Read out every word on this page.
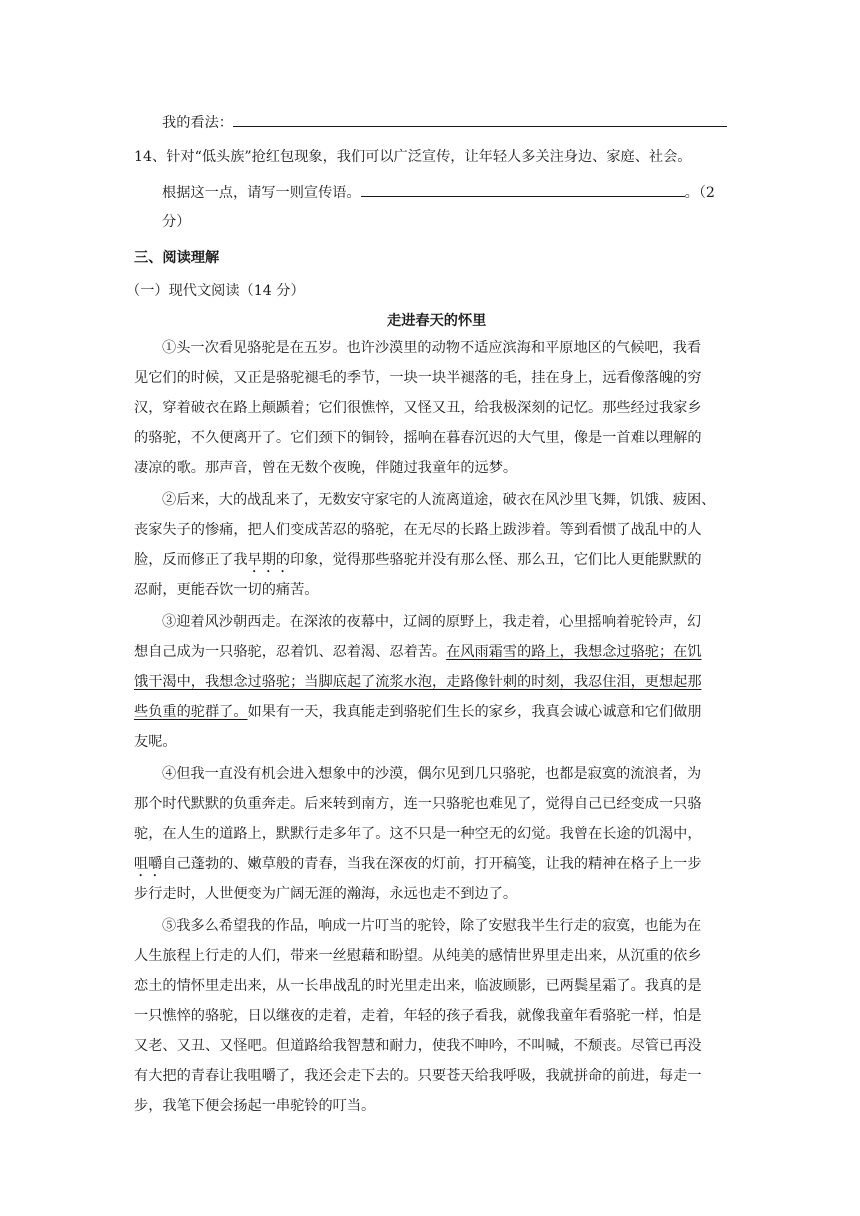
我的看法：
14、针对“低头族”抢红包现象，我们可以广泛宣传，让年轻人多关注身边、家庭、社会。
根据这一点，请写一则宣传语。	。（2
分）
三、阅读理解
（一）现代文阅读（14 分）
走进春天的怀里
①头一次看见骆驼是在五岁。也许沙漠里的动物不适应滨海和平原地区的气候吧，我看
见它们的时候，又正是骆驼褪毛的季节，一块一块半褪落的毛，挂在身上，远看像落魄的穷
汉，穿着破衣在路上颠踬着；它们很憔悴，又怪又丑，给我极深刻的记忆。那些经过我家乡
的骆驼，不久便离开了。它们颈下的铜铃，摇响在暮春沉迟的大气里，像是一首难以理解的
凄凉的歌。那声音，曾在无数个夜晚，伴随过我童年的远梦。
②后来，大的战乱来了，无数安守家宅的人流离道途，破衣在风沙里飞舞，饥饿、疲困、
丧家失子的惨痛，把人们变成苦忍的骆驼，在无尽的长路上跋涉着。等到看惯了战乱中的人
脸，反而修正了我早期的印象，觉得那些骆驼并没有那么怪、那么丑，它们比人更能默默的
忍耐，更能吞饮一切的痛苦。
③迎着风沙朝西走。在深浓的夜幕中，辽阔的原野上，我走着，心里摇响着驼铃声，幻
想自己成为一只骆驼，忍着饥、忍着渴、忍着苦。在风雨霜雪的路上，我想念过骆驼；在饥
饿干渴中，我想念过骆驼；当脚底起了流浆水泡，走路像针刺的时刻，我忍住泪，更想起那
些负重的驼群了。如果有一天，我真能走到骆驼们生长的家乡，我真会诚心诚意和它们做朋
友呢。
④但我一直没有机会进入想象中的沙漠，偶尔见到几只骆驼，也都是寂寞的流浪者，为
那个时代默默的负重奔走。后来转到南方，连一只骆驼也难见了，觉得自己已经变成一只骆
驼，在人生的道路上，默默行走多年了。这不只是一种空无的幻觉。我曾在长途的饥渴中，
咀嚼自己蓬勃的、嫩草般的青春，当我在深夜的灯前，打开稿笺，让我的精神在格子上一步
步行走时，人世便变为广阔无涯的瀚海，永远也走不到边了。
⑤我多么希望我的作品，响成一片叮当的驼铃，除了安慰我半生行走的寂寞，也能为在
人生旅程上行走的人们，带来一丝慰藉和盼望。从纯美的感情世界里走出来，从沉重的依乡
恋土的情怀里走出来，从一长串战乱的时光里走出来，临波顾影，已两鬓星霜了。我真的是
一只憔悴的骆驼，日以继夜的走着，走着，年轻的孩子看我，就像我童年看骆驼一样，怕是
又老、又丑、又怪吧。但道路给我智慧和耐力，使我不呻吟，不叫喊，不颓丧。尽管已再没
有大把的青春让我咀嚼了，我还会走下去的。只要苍天给我呼吸，我就拼命的前进，每走一
步，我笔下便会扬起一串驼铃的叮当。
